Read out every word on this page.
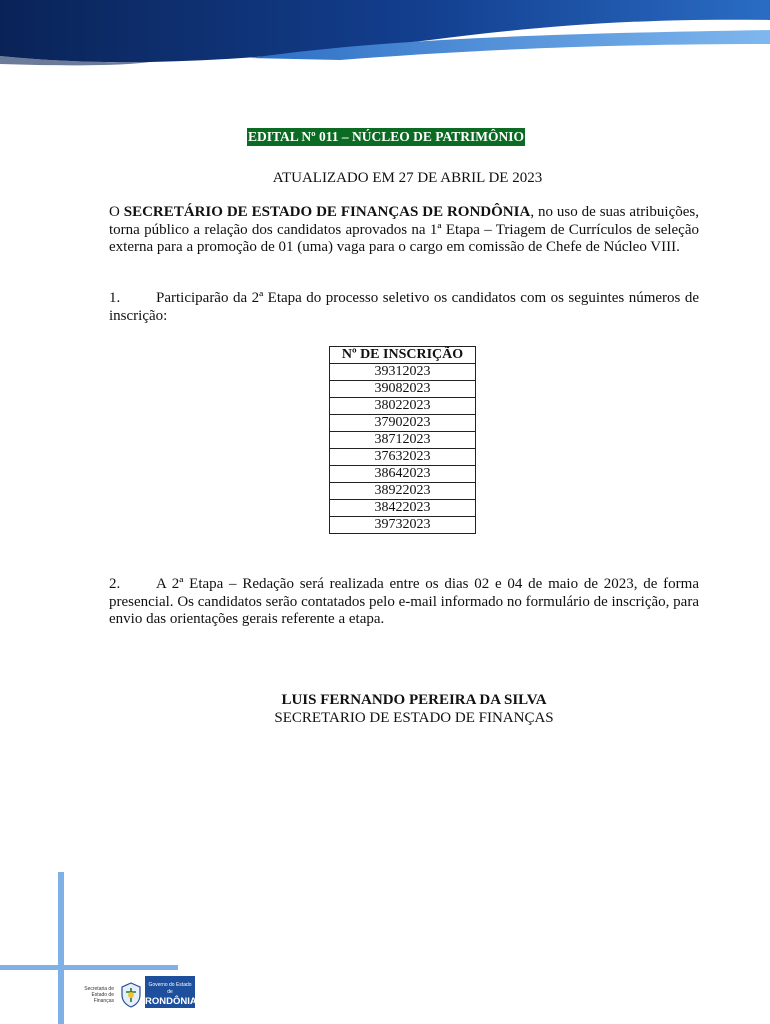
EDITAL Nº 011 – NÚCLEO DE PATRIMÔNIO
ATUALIZADO EM 27 DE ABRIL DE 2023
O SECRETÁRIO DE ESTADO DE FINANÇAS DE RONDÔNIA, no uso de suas atribuições, torna público a relação dos candidatos aprovados na 1ª Etapa – Triagem de Currículos de seleção externa para a promoção de 01 (uma) vaga para o cargo em comissão de Chefe de Núcleo VIII.
1. Participarão da 2ª Etapa do processo seletivo os candidatos com os seguintes números de inscrição:
Nº DE INSCRIÇÃO
39312023
39082023
38022023
37902023
38712023
37632023
38642023
38922023
38422023
39732023
2. A 2ª Etapa – Redação será realizada entre os dias 02 e 04 de maio de 2023, de forma presencial. Os candidatos serão contatados pelo e-mail informado no formulário de inscrição, para envio das orientações gerais referente a etapa.
LUIS FERNANDO PEREIRA DA SILVA
SECRETARIO DE ESTADO DE FINANÇAS
Secretaria de Estado de Finanças
Governo do Estado de
RONDÔNIA
